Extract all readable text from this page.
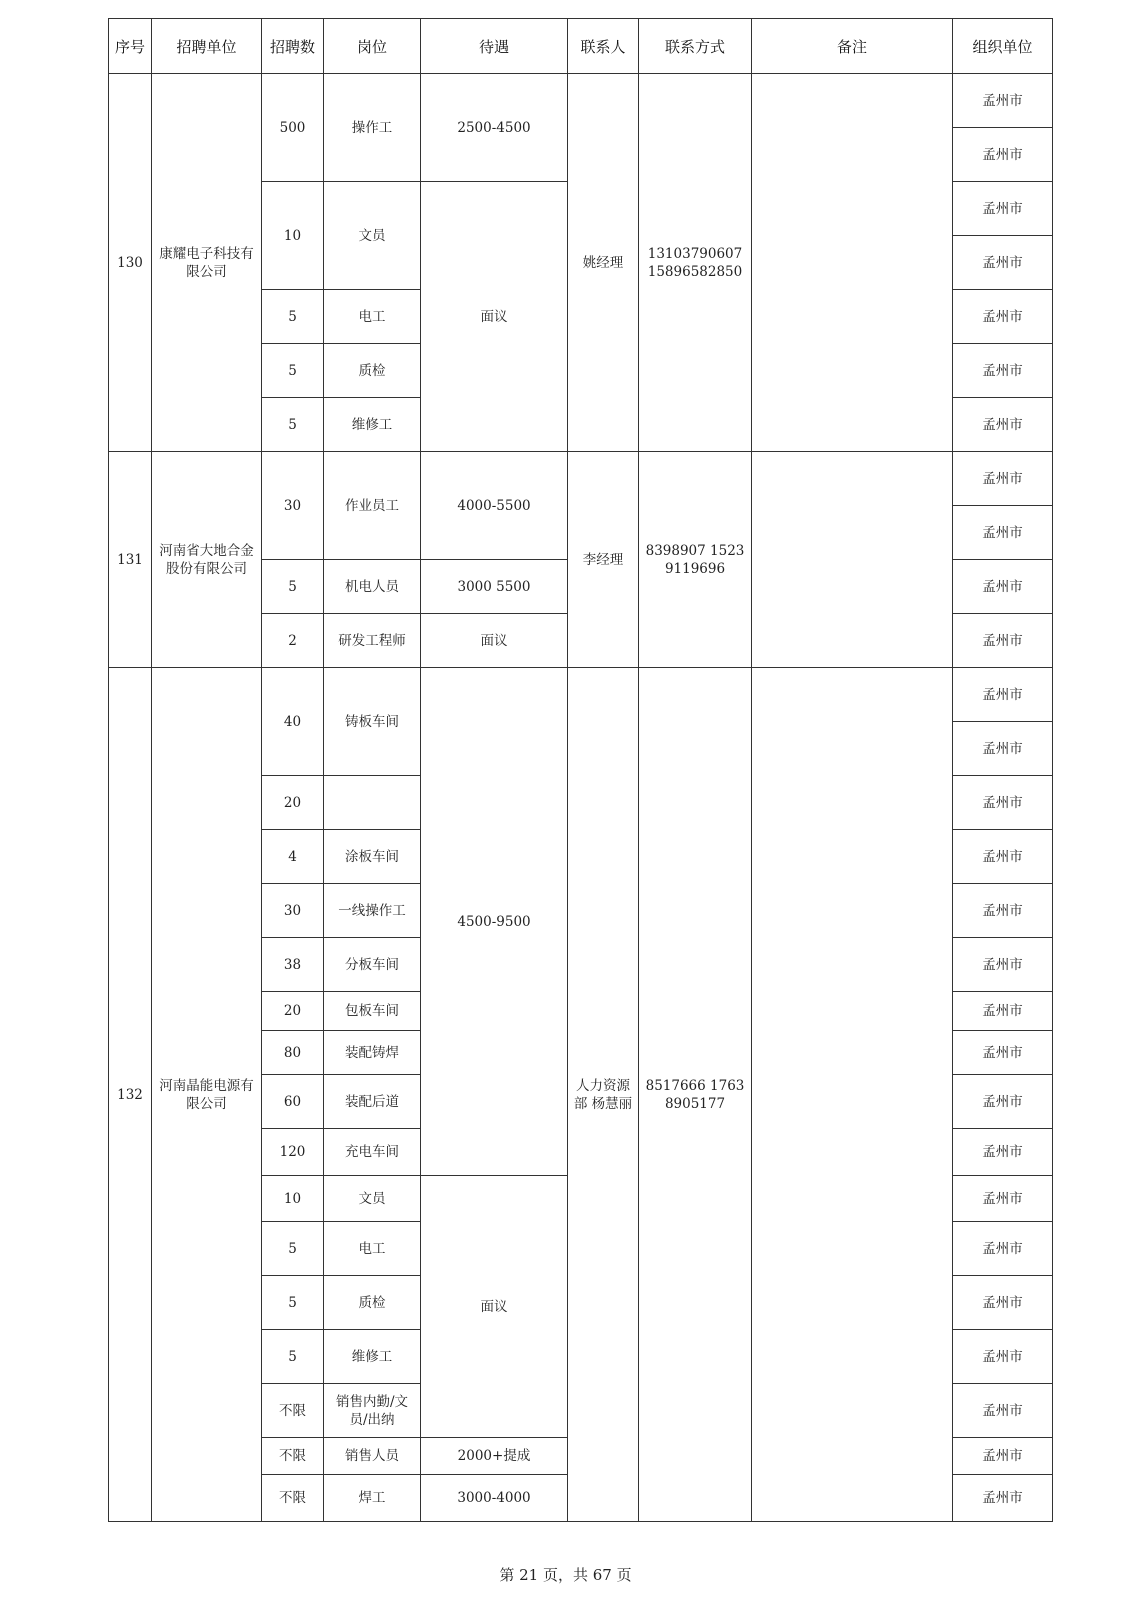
序号	招聘单位	招聘数	岗位	待遇	联系人	联系方式	备注	组织单位
130	康耀电子科技有限公司	500	操作工	2500-4500	姚经理	13103790607 15896582850		孟州市
								孟州市
		10	文员	面议				孟州市
								孟州市
		5	电工					孟州市
		5	质检					孟州市
		5	维修工					孟州市
131	河南省大地合金股份有限公司	30	作业员工	4000-5500	李经理	8398907 15239119696		孟州市
								孟州市
		5	机电人员	3000 5500				孟州市
		2	研发工程师	面议				孟州市
132	河南晶能电源有限公司	40	铸板车间	4500-9500	人力资源部 杨慧丽	8517666 17638905177		孟州市
								孟州市
		20						孟州市
		4	涂板车间					孟州市
		30	一线操作工					孟州市
		38	分板车间					孟州市
		20	包板车间					孟州市
		80	装配铸焊					孟州市
		60	装配后道					孟州市
		120	充电车间					孟州市
		10	文员	面议				孟州市
		5	电工					孟州市
		5	质检					孟州市
		5	维修工					孟州市
		不限	销售内勤/文员/出纳					孟州市
		不限	销售人员	2000+提成				孟州市
		不限	焊工	3000-4000				孟州市
第 21 页，共 67 页
